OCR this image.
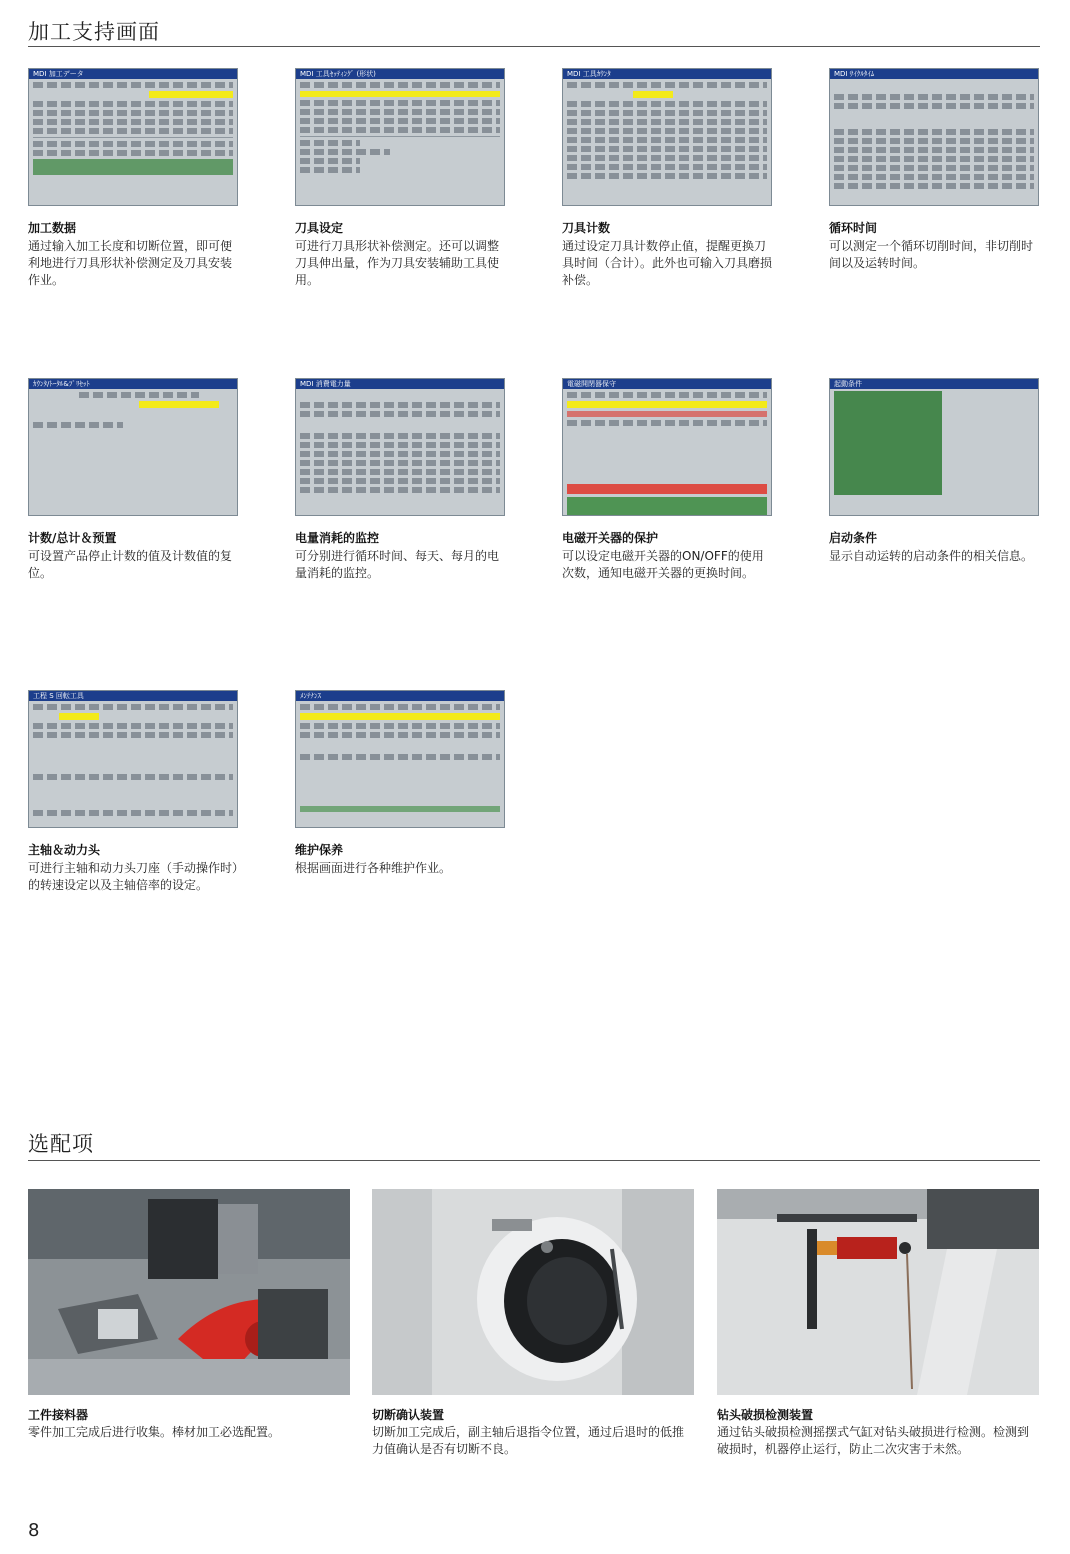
加工支持画面
MDI 加工データ
加工数据
通过输入加工长度和切断位置，即可便利地进行刀具形状补偿测定及刀具安装作业。
MDI 工具ｾｯﾃｨﾝｸﾞ (形状)
刀具设定
可进行刀具形状补偿测定。还可以调整刀具伸出量，作为刀具安装辅助工具使用。
MDI 工具ｶｳﾝﾀ
刀具计数
通过设定刀具计数停止值，提醒更换刀具时间（合计）。此外也可输入刀具磨损补偿。
MDI ｻｲｸﾙﾀｲﾑ
循环时间
可以测定一个循环切削时间，非切削时间以及运转时间。
ｶｳﾝﾀ/ﾄｰﾀﾙ&ﾌﾟﾘｾｯﾄ
计数/总计＆预置
可设置产品停止计数的值及计数值的复位。
MDI 消費電力量
电量消耗的监控
可分别进行循环时间、每天、每月的电量消耗的监控。
電磁開閉器保守
电磁开关器的保护
可以设定电磁开关器的ON/OFF的使用次数，通知电磁开关器的更换时间。
起動条件
启动条件
显示自动运转的启动条件的相关信息。
工程 S 回転工具
主轴＆动力头
可进行主轴和动力头刀座（手动操作时）的转速设定以及主轴倍率的设定。
ﾒﾝﾃﾅﾝｽ
维护保养
根据画面进行各种维护作业。
选配项
工件接料器
零件加工完成后进行收集。棒材加工必选配置。
切断确认装置
切断加工完成后，副主轴后退指令位置，通过后退时的低推力值确认是否有切断不良。
钻头破损检测装置
通过钻头破损检测摇摆式气缸对钻头破损进行检测。检测到破损时，机器停止运行，防止二次灾害于未然。
8
